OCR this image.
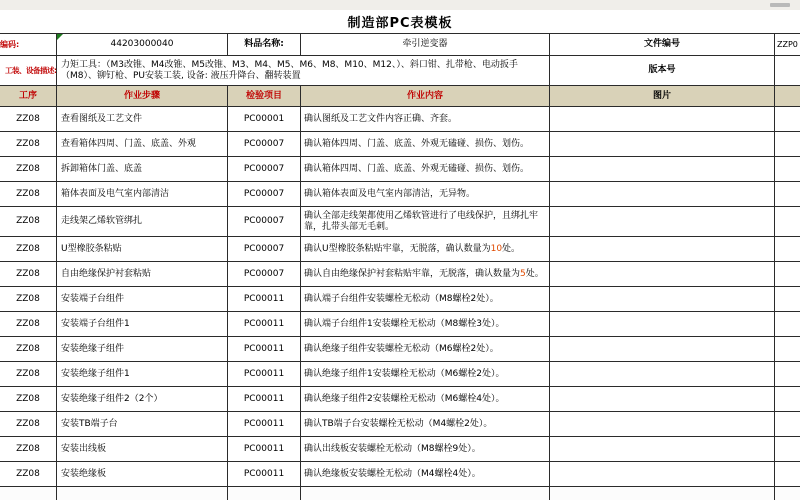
制造部PC表模板
编码:	44203000040	料品名称:	牵引逆变器	文件编号	ZZP0
工装、设备描述:
力矩工具：（M3改锥、M4改锥、M5改锥、M3、M4、M5、M6、M8、M10、M12、）、斜口钳、扎带枪、电动扳手（M8）、铆钉枪、PU安装工装, 设备: 液压升降台、翻转装置
版本号
工序	作业步骤	检验项目	作业内容	图片
ZZ08 查看图纸及工艺文件	PC00001 确认图纸及工艺文件内容正确、齐套。
ZZ08 查看箱体四周、门盖、底盖、外观	PC00007 确认箱体四周、门盖、底盖、外观无磕碰、损伤、划伤。
ZZ08 拆卸箱体门盖、底盖	PC00007 确认箱体四周、门盖、底盖、外观无磕碰、损伤、划伤。
ZZ08 箱体表面及电气室内部清洁	PC00007 确认箱体表面及电气室内部清洁，无异物。
ZZ08 走线架乙烯软管绑扎	PC00007 确认全部走线架都使用乙烯软管进行了电线保护，且绑扎牢靠，扎带头部无毛刺。
ZZ08 U型橡胶条粘贴	PC00007 确认U型橡胶条粘贴牢靠，无脱落，确认数量为10处。
ZZ08 自由绝缘保护衬套粘贴	PC00007 确认自由绝缘保护衬套粘贴牢靠，无脱落，确认数量为5处。
ZZ08 安装端子台组件	PC00011 确认端子台组件安装螺栓无松动（M8螺栓2处）。
ZZ08 安装端子台组件1	PC00011 确认端子台组件1安装螺栓无松动（M8螺栓3处）。
ZZ08 安装绝缘子组件	PC00011 确认绝缘子组件安装螺栓无松动（M6螺栓2处）。
ZZ08 安装绝缘子组件1	PC00011 确认绝缘子组件1安装螺栓无松动（M6螺栓2处）。
ZZ08 安装绝缘子组件2（2个）	PC00011 确认绝缘子组件2安装螺栓无松动（M6螺栓4处）。
ZZ08 安装TB端子台	PC00011 确认TB端子台安装螺栓无松动（M4螺栓2处）。
ZZ08 安装出线板	PC00011 确认出线板安装螺栓无松动（M8螺栓9处）。
ZZ08 安装绝缘板	PC00011 确认绝缘板安装螺栓无松动（M4螺栓4处）。
